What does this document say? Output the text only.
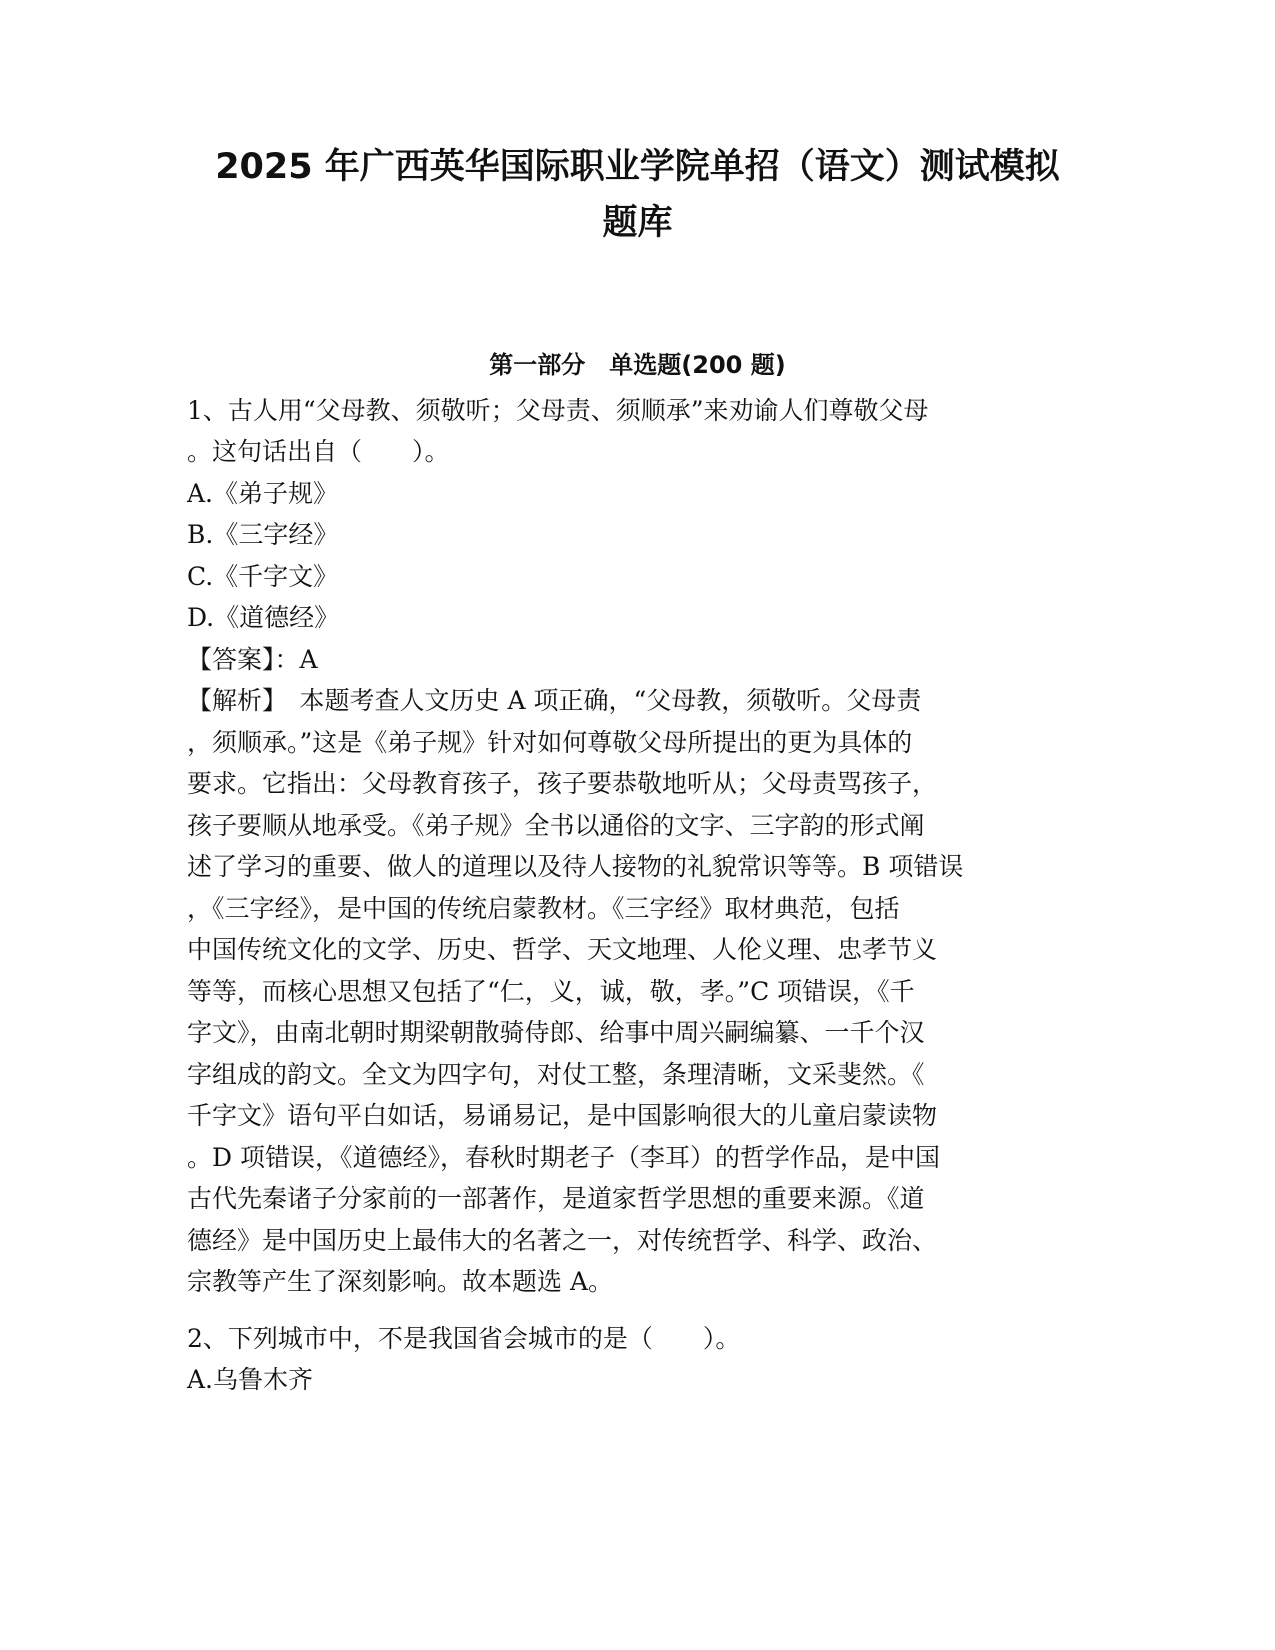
2025 年广西英华国际职业学院单招（语文）测试模拟
题库
第一部分　单选题(200 题)
1、古人用“父母教、须敬听；父母责、须顺承”来劝谕人们尊敬父母
。这句话出自（　　）。
A.《弟子规》
B.《三字经》
C.《千字文》
D.《道德经》
【答案】：A
【解析】　本题考查人文历史 A 项正确，“父母教，须敬听。父母责
，须顺承。”这是《弟子规》针对如何尊敬父母所提出的更为具体的
要求。它指出：父母教育孩子，孩子要恭敬地听从；父母责骂孩子，
孩子要顺从地承受。《弟子规》全书以通俗的文字、三字韵的形式阐
述了学习的重要、做人的道理以及待人接物的礼貌常识等等。B 项错误
，《三字经》，是中国的传统启蒙教材。《三字经》取材典范，包括
中国传统文化的文学、历史、哲学、天文地理、人伦义理、忠孝节义
等等，而核心思想又包括了“仁，义，诚，敬，孝。”C 项错误，《千
字文》，由南北朝时期梁朝散骑侍郎、给事中周兴嗣编纂、一千个汉
字组成的韵文。全文为四字句，对仗工整，条理清晰，文采斐然。《
千字文》语句平白如话，易诵易记，是中国影响很大的儿童启蒙读物
。D 项错误，《道德经》，春秋时期老子（李耳）的哲学作品，是中国
古代先秦诸子分家前的一部著作，是道家哲学思想的重要来源。《道
德经》是中国历史上最伟大的名著之一，对传统哲学、科学、政治、
宗教等产生了深刻影响。故本题选 A。
2、下列城市中，不是我国省会城市的是（　　）。
A.乌鲁木齐
